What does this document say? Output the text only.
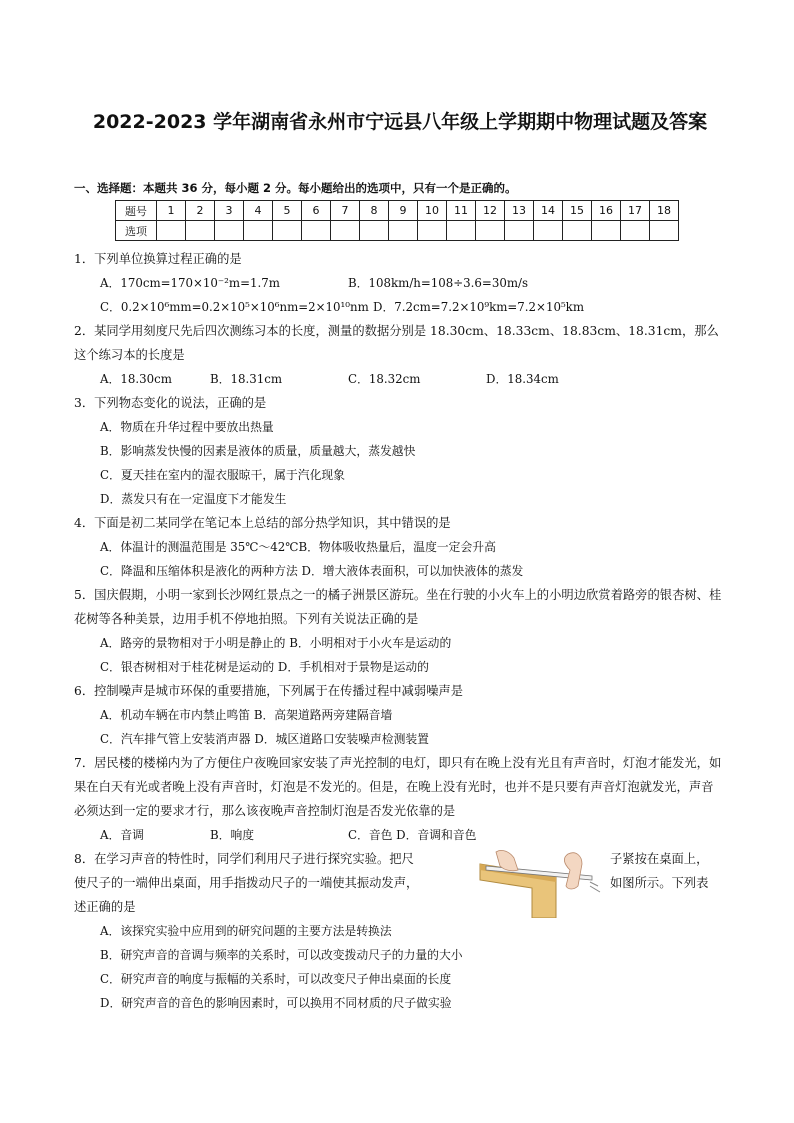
2022-2023 学年湖南省永州市宁远县八年级上学期期中物理试题及答案
一、选择题：本题共 36 分，每小题 2 分。每小题给出的选项中，只有一个是正确的。
题号	1	2	3	4	5	6	7	8	9	10	11	12	13	14	15	16	17	18
选项																		
1．下列单位换算过程正确的是
A．170cm=170×10⁻²m=1.7m	B．108km/h=108÷3.6=30m/s
C．0.2×10⁶mm=0.2×10⁵×10⁶nm=2×10¹⁰nm D．7.2cm=7.2×10⁹km=7.2×10⁵km
2．某同学用刻度尺先后四次测练习本的长度，测量的数据分别是 18.30cm、18.33cm、18.83cm、18.31cm，那么这个练习本的长度是
A．18.30cm	B．18.31cm	C．18.32cm	D．18.34cm
3．下列物态变化的说法，正确的是
A．物质在升华过程中要放出热量
B．影响蒸发快慢的因素是液体的质量，质量越大，蒸发越快
C．夏天挂在室内的湿衣服晾干，属于汽化现象
D．蒸发只有在一定温度下才能发生
4．下面是初二某同学在笔记本上总结的部分热学知识，其中错误的是
A．体温计的测温范围是 35℃～42℃B．物体吸收热量后，温度一定会升高
C．降温和压缩体积是液化的两种方法 D．增大液体表面积，可以加快液体的蒸发
5．国庆假期，小明一家到长沙网红景点之一的橘子洲景区游玩。坐在行驶的小火车上的小明边欣赏着路旁的银杏树、桂花树等各种美景，边用手机不停地拍照。下列有关说法正确的是
A．路旁的景物相对于小明是静止的 B．小明相对于小火车是运动的
C．银杏树相对于桂花树是运动的 D．手机相对于景物是运动的
6．控制噪声是城市环保的重要措施，下列属于在传播过程中减弱噪声是
A．机动车辆在市内禁止鸣笛 B．高架道路两旁建隔音墙
C．汽车排气管上安装消声器 D．城区道路口安装噪声检测装置
7．居民楼的楼梯内为了方便住户夜晚回家安装了声光控制的电灯，即只有在晚上没有光且有声音时，灯泡才能发光，如果在白天有光或者晚上没有声音时，灯泡是不发光的。但是，在晚上没有光时，也并不是只要有声音灯泡就发光，声音必须达到一定的要求才行，那么该夜晚声音控制灯泡是否发光依靠的是
A．音调	B．响度	C．音色 D．音调和音色
8．在学习声音的特性时，同学们利用尺子进行探究实验。把尺	子紧按在桌面上，
使尺子的一端伸出桌面，用手指拨动尺子的一端使其振动发声，	如图所示。下列表
述正确的是
A．该探究实验中应用到的研究问题的主要方法是转换法
B．研究声音的音调与频率的关系时，可以改变拨动尺子的力量的大小
C．研究声音的响度与振幅的关系时，可以改变尺子伸出桌面的长度
D．研究声音的音色的影响因素时，可以换用不同材质的尺子做实验
